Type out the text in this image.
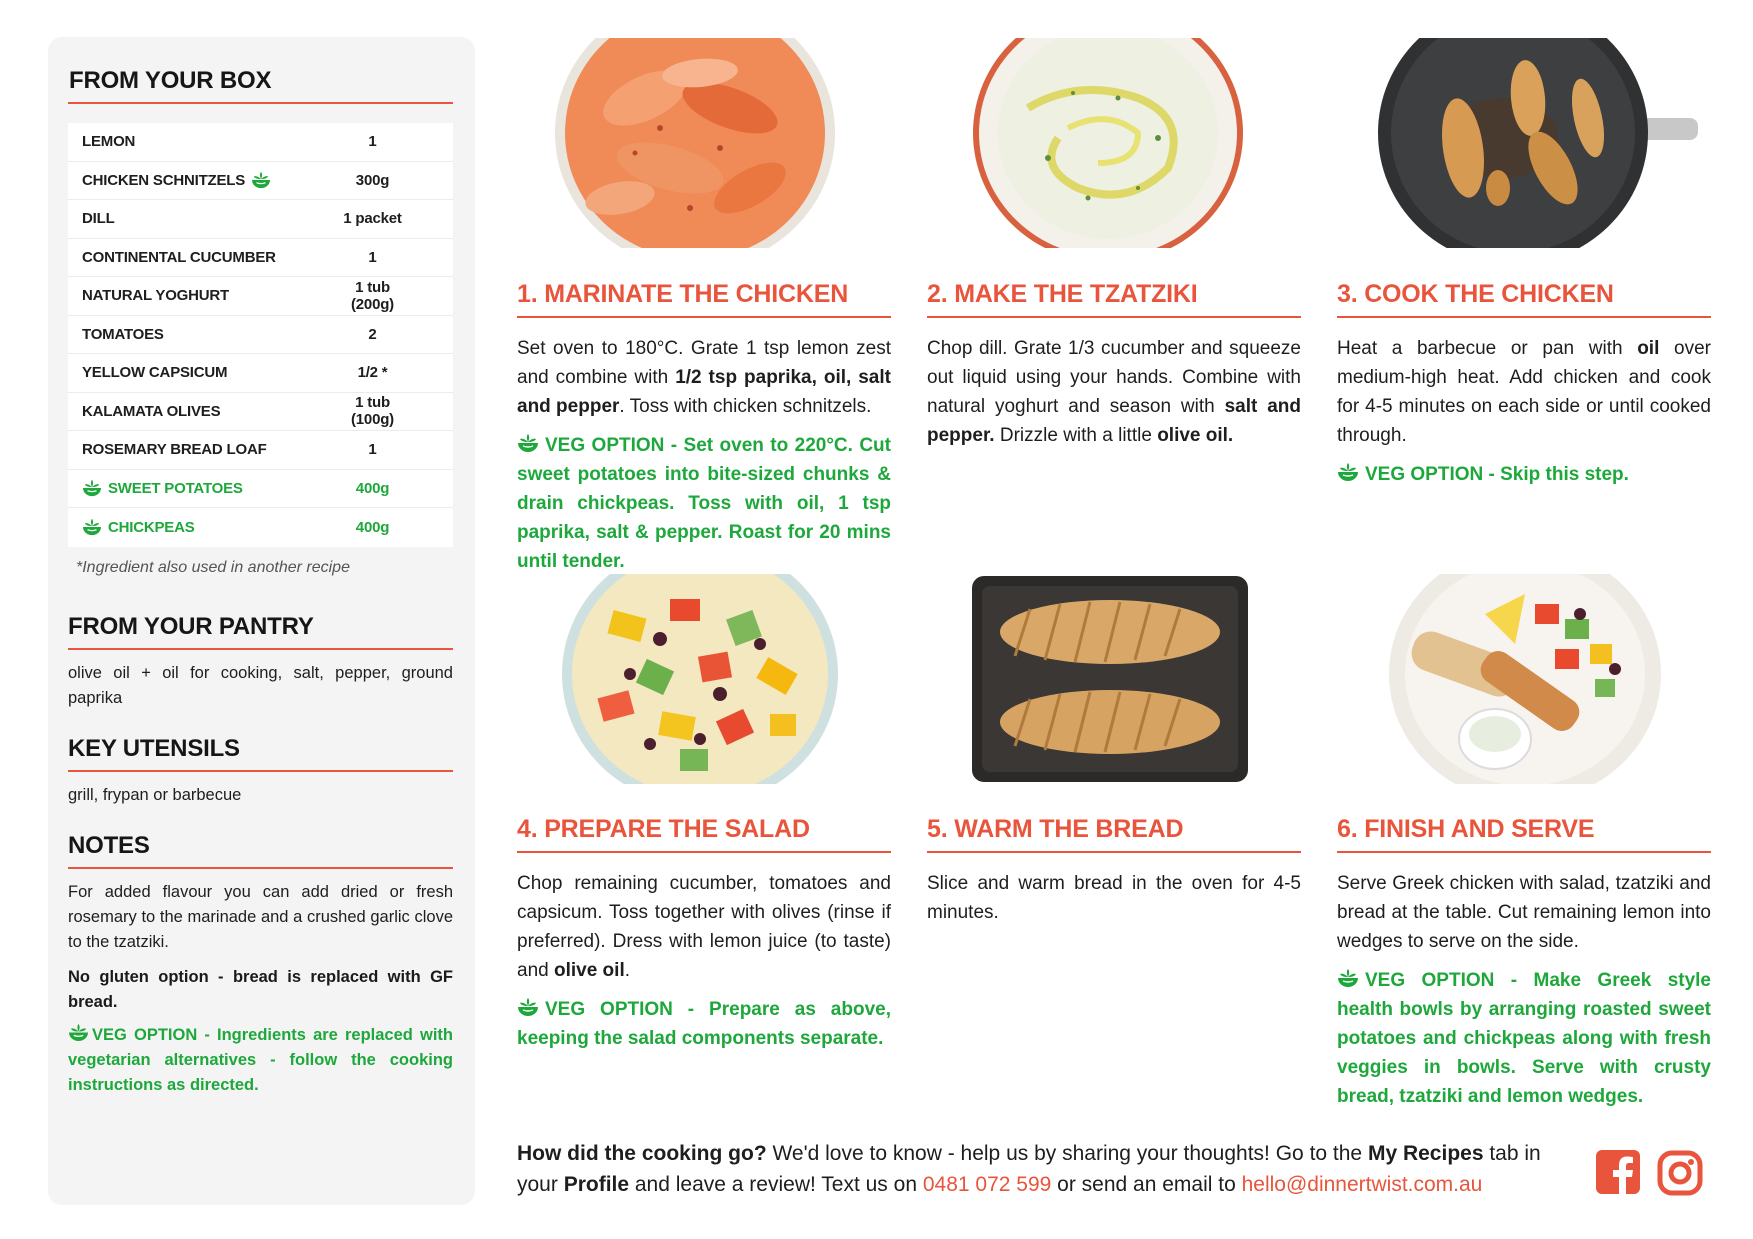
FROM YOUR BOX
LEMON	1
CHICKEN SCHNITZELS	300g
DILL	1 packet
CONTINENTAL CUCUMBER	1
NATURAL YOGHURT	1 tub (200g)
TOMATOES	2
YELLOW CAPSICUM	1/2 *
KALAMATA OLIVES	1 tub (100g)
ROSEMARY BREAD LOAF	1
SWEET POTATOES	400g
CHICKPEAS	400g
*Ingredient also used in another recipe
FROM YOUR PANTRY
olive oil + oil for cooking, salt, pepper, ground paprika
KEY UTENSILS
grill, frypan or barbecue
NOTES
For added flavour you can add dried or fresh rosemary to the marinade and a crushed garlic clove to the tzatziki.
No gluten option - bread is replaced with GF bread.
VEG OPTION - Ingredients are replaced with vegetarian alternatives - follow the cooking instructions as directed.
1. MARINATE THE CHICKEN
Set oven to 180°C. Grate 1 tsp lemon zest and combine with 1/2 tsp paprika, oil, salt and pepper. Toss with chicken schnitzels.
VEG OPTION - Set oven to 220°C. Cut sweet potatoes into bite-sized chunks & drain chickpeas. Toss with oil, 1 tsp paprika, salt & pepper. Roast for 20 mins until tender.
2. MAKE THE TZATZIKI
Chop dill. Grate 1/3 cucumber and squeeze out liquid using your hands. Combine with natural yoghurt and season with salt and pepper. Drizzle with a little olive oil.
3. COOK THE CHICKEN
Heat a barbecue or pan with oil over medium-high heat. Add chicken and cook for 4-5 minutes on each side or until cooked through.
VEG OPTION - Skip this step.
4. PREPARE THE SALAD
Chop remaining cucumber, tomatoes and capsicum. Toss together with olives (rinse if preferred). Dress with lemon juice (to taste) and olive oil.
VEG OPTION - Prepare as above, keeping the salad components separate.
5. WARM THE BREAD
Slice and warm bread in the oven for 4-5 minutes.
6. FINISH AND SERVE
Serve Greek chicken with salad, tzatziki and bread at the table. Cut remaining lemon into wedges to serve on the side.
VEG OPTION - Make Greek style health bowls by arranging roasted sweet potatoes and chickpeas along with fresh veggies in bowls. Serve with crusty bread, tzatziki and lemon wedges.
How did the cooking go? We'd love to know - help us by sharing your thoughts! Go to the My Recipes tab in your Profile and leave a review! Text us on 0481 072 599 or send an email to hello@dinnertwist.com.au
